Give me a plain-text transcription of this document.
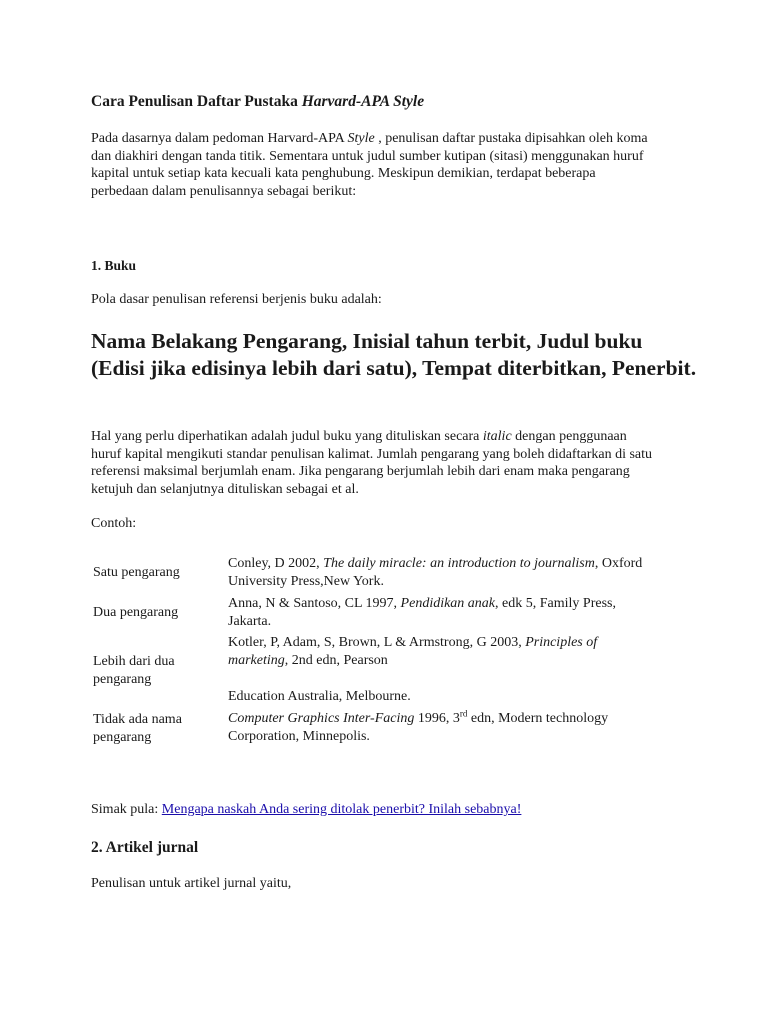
Cara Penulisan Daftar Pustaka Harvard-APA Style

Pada dasarnya dalam pedoman Harvard-APA Style , penulisan daftar pustaka dipisahkan oleh koma dan diakhiri dengan tanda titik. Sementara untuk judul sumber kutipan (sitasi) menggunakan huruf kapital untuk setiap kata kecuali kata penghubung. Meskipun demikian, terdapat beberapa perbedaan dalam penulisannya sebagai berikut:

1. Buku

Pola dasar penulisan referensi berjenis buku adalah:

Nama Belakang Pengarang, Inisial tahun terbit, Judul buku (Edisi jika edisinya lebih dari satu), Tempat diterbitkan, Penerbit.

Hal yang perlu diperhatikan adalah judul buku yang dituliskan secara italic dengan penggunaan huruf kapital mengikuti standar penulisan kalimat. Jumlah pengarang yang boleh didaftarkan di satu referensi maksimal berjumlah enam. Jika pengarang berjumlah lebih dari enam maka pengarang ketujuh dan selanjutnya dituliskan sebagai et al.

Contoh:

Satu pengarang
Conley, D 2002, The daily miracle: an introduction to journalism, Oxford University Press,New York.
Dua pengarang
Anna, N & Santoso, CL 1997, Pendidikan anak, edk 5, Family Press, Jakarta.
Lebih dari dua pengarang
Kotler, P, Adam, S, Brown, L & Armstrong, G 2003, Principles of marketing, 2nd edn, Pearson
Education Australia, Melbourne.
Tidak ada nama pengarang
Computer Graphics Inter-Facing 1996, 3rd edn, Modern technology Corporation, Minnepolis.

Simak pula: Mengapa naskah Anda sering ditolak penerbit? Inilah sebabnya!

2. Artikel jurnal

Penulisan untuk artikel jurnal yaitu,
